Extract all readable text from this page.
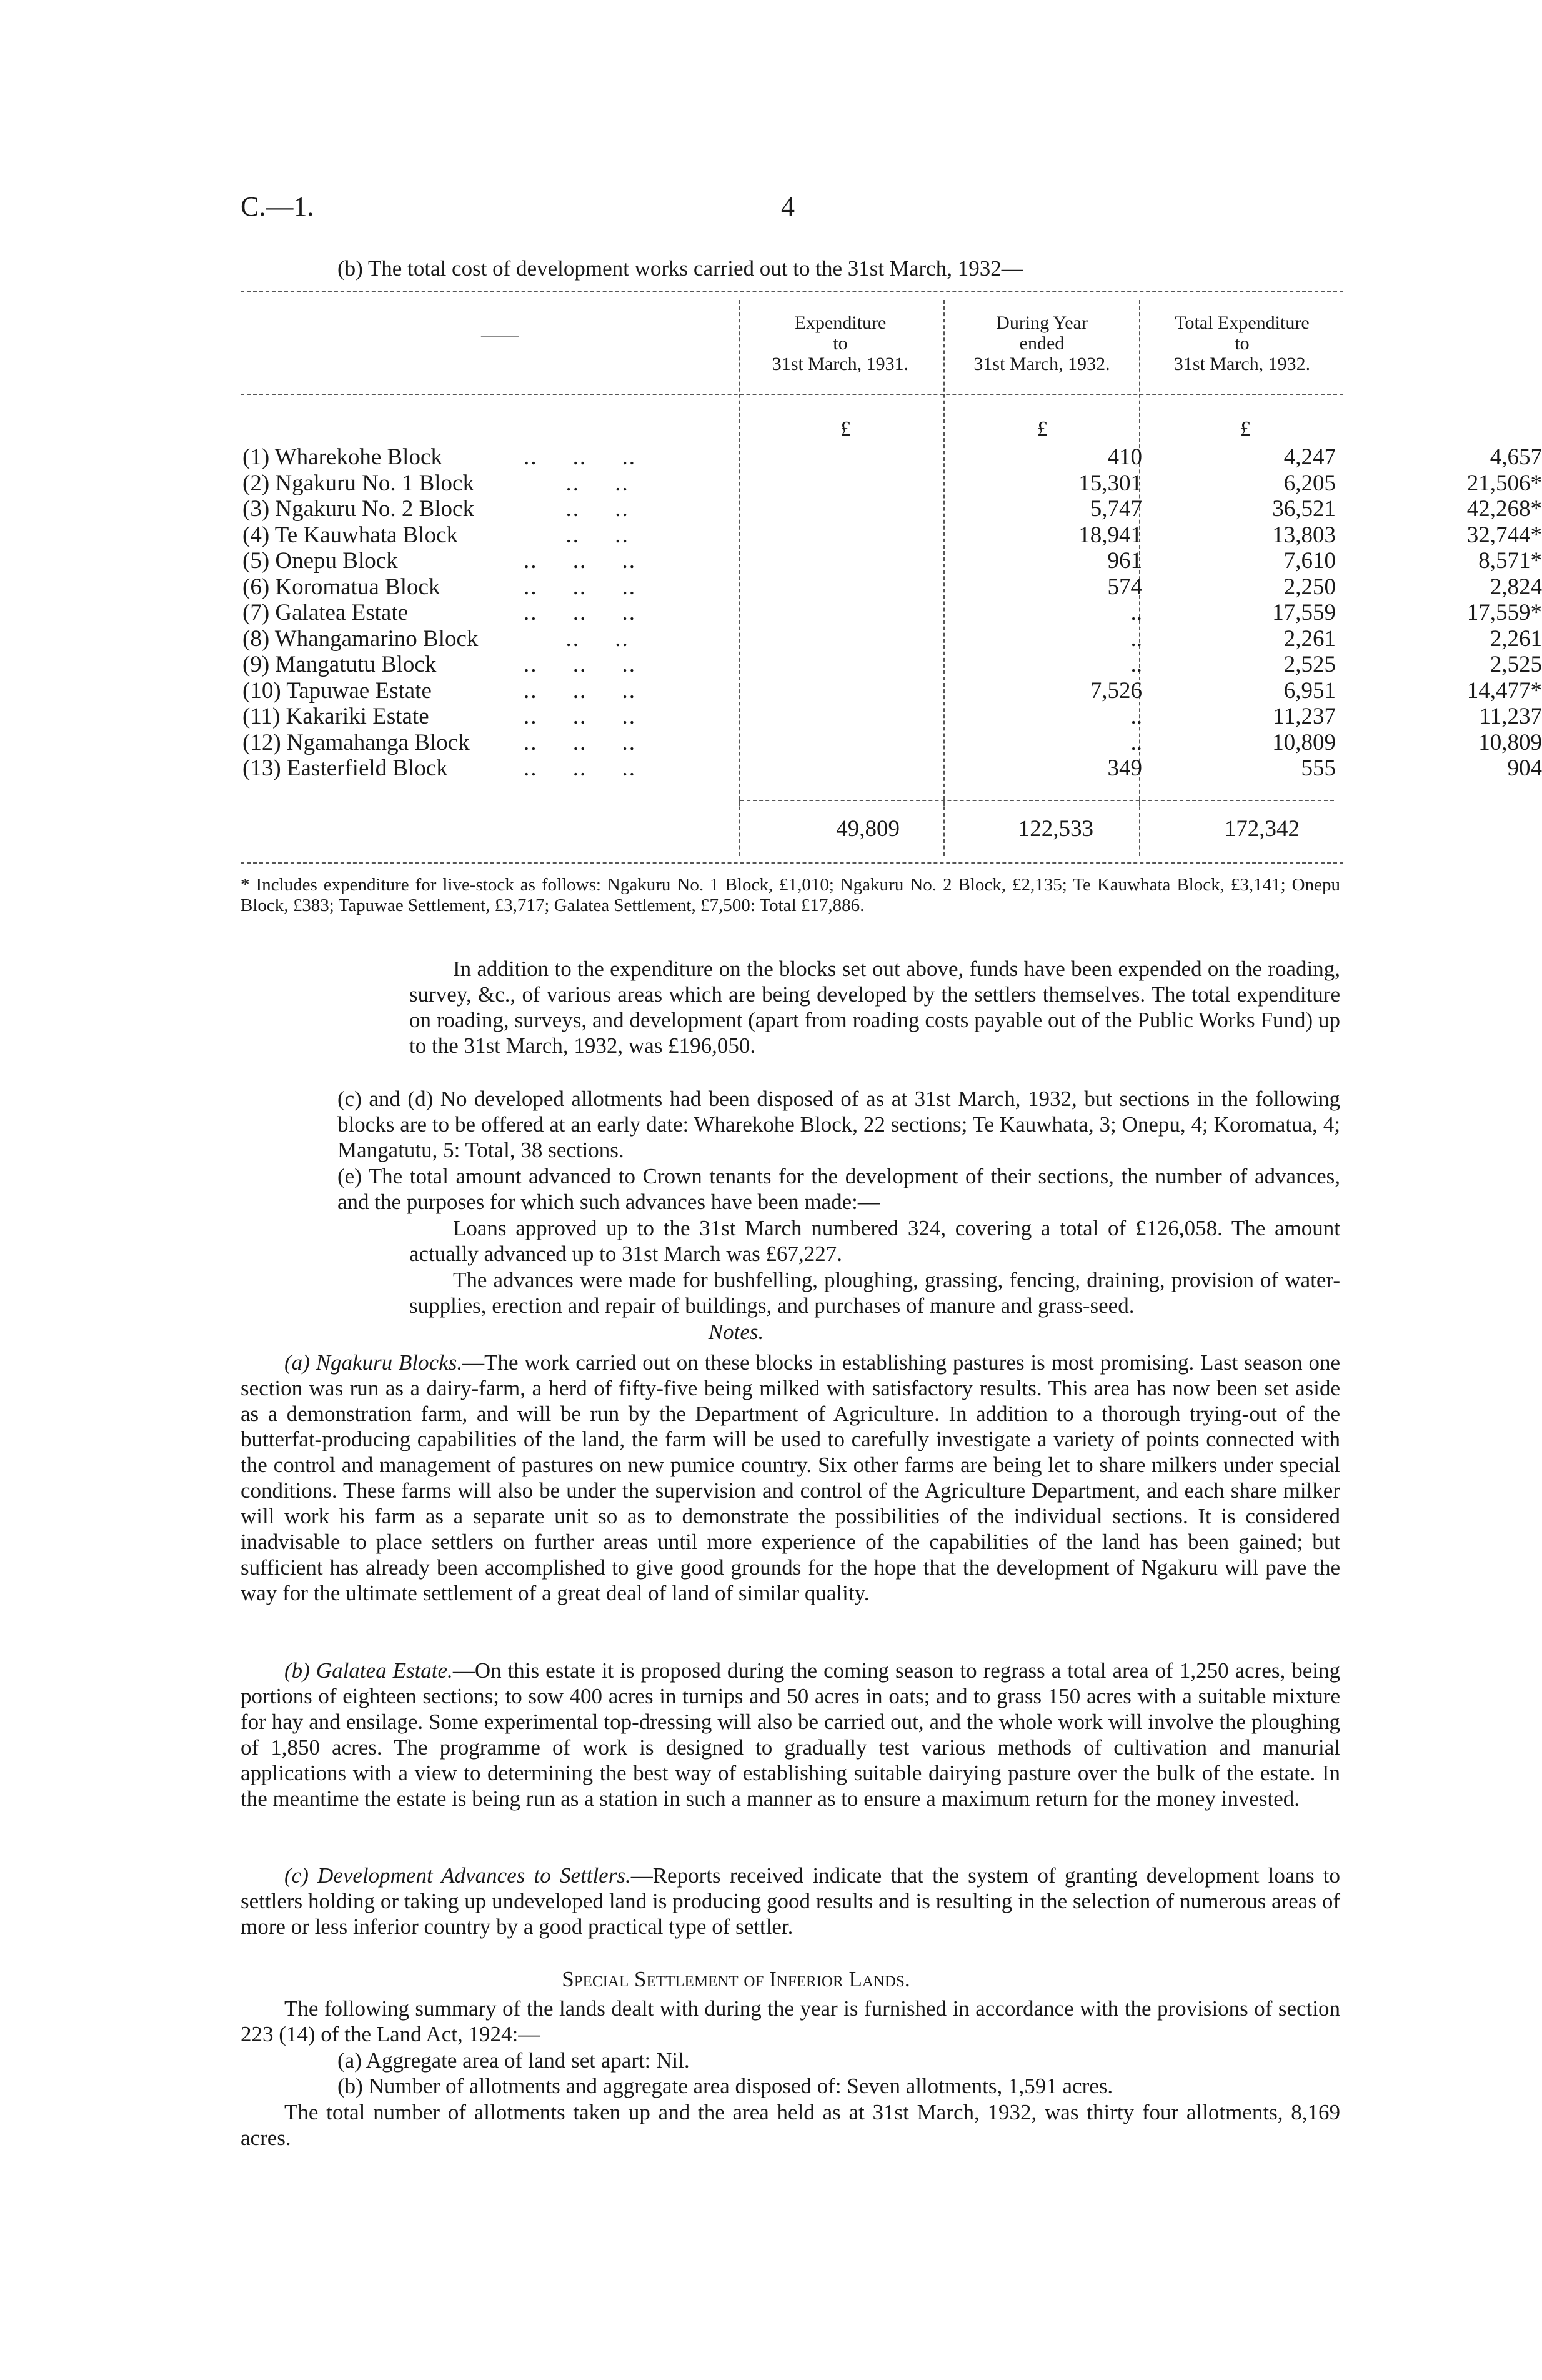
C.—1.	4
(b) The total cost of development works carried out to the 31st March, 1932—
——
Expenditure
to
31st March, 1931.
During Year
ended
31st March, 1932.
Total Expenditure
to
31st March, 1932.
£	£	£
(1) Wharekohe Block	..     ..     ..	410	4,247	4,657
(2) Ngakuru No. 1 Block ..     ..	15,301	6,205	21,506*
(3) Ngakuru No. 2 Block ..     ..	5,747	36,521	42,268*
(4) Te Kauwhata Block	..     ..	18,941	13,803	32,744*
(5) Onepu Block	..     ..     ..	961	7,610	8,571*
(6) Koromatua Block	..     ..     ..	574	2,250	2,824
(7) Galatea Estate	..     ..     ..	..	17,559	17,559*
(8) Whangamarino Block ..     ..	..	2,261	2,261
(9) Mangatutu Block	..     ..     ..	..	2,525	2,525
(10) Tapuwae Estate	..     ..     ..	7,526	6,951	14,477*
(11) Kakariki Estate	..     ..     ..	..	11,237	11,237
(12) Ngamahanga Block ..     ..     ..	..	10,809	10,809
(13) Easterfield Block	..     ..     ..	349	555	904
49,809	122,533	172,342
* Includes expenditure for live-stock as follows: Ngakuru No. 1 Block, £1,010; Ngakuru No. 2 Block, £2,135; Te Kauwhata Block, £3,141; Onepu Block, £383; Tapuwae Settlement, £3,717; Galatea Settlement, £7,500: Total £17,886.
In addition to the expenditure on the blocks set out above, funds have been expended on the roading, survey, &c., of various areas which are being developed by the settlers themselves. The total expenditure on roading, surveys, and development (apart from roading costs payable out of the Public Works Fund) up to the 31st March, 1932, was £196,050.
(c) and (d) No developed allotments had been disposed of as at 31st March, 1932, but sections in the following blocks are to be offered at an early date: Wharekohe Block, 22 sections; Te Kauwhata, 3; Onepu, 4; Koromatua, 4; Mangatutu, 5: Total, 38 sections.
(e) The total amount advanced to Crown tenants for the development of their sections, the number of advances, and the purposes for which such advances have been made:—
Loans approved up to the 31st March numbered 324, covering a total of £126,058. The amount actually advanced up to 31st March was £67,227.
The advances were made for bushfelling, ploughing, grassing, fencing, draining, provision of water-supplies, erection and repair of buildings, and purchases of manure and grass-seed.
Notes.
(a) Ngakuru Blocks.—The work carried out on these blocks in establishing pastures is most promising. Last season one section was run as a dairy-farm, a herd of fifty-five being milked with satisfactory results. This area has now been set aside as a demonstration farm, and will be run by the Department of Agriculture. In addition to a thorough trying-out of the butterfat-producing capabilities of the land, the farm will be used to carefully investigate a variety of points connected with the control and management of pastures on new pumice country. Six other farms are being let to share milkers under special conditions. These farms will also be under the supervision and control of the Agriculture Department, and each share milker will work his farm as a separate unit so as to demonstrate the possibilities of the individual sections. It is considered inadvisable to place settlers on further areas until more experience of the capabilities of the land has been gained; but sufficient has already been accomplished to give good grounds for the hope that the development of Ngakuru will pave the way for the ultimate settlement of a great deal of land of similar quality.
(b) Galatea Estate.—On this estate it is proposed during the coming season to regrass a total area of 1,250 acres, being portions of eighteen sections; to sow 400 acres in turnips and 50 acres in oats; and to grass 150 acres with a suitable mixture for hay and ensilage. Some experimental top-dressing will also be carried out, and the whole work will involve the ploughing of 1,850 acres. The programme of work is designed to gradually test various methods of cultivation and manurial applications with a view to determining the best way of establishing suitable dairying pasture over the bulk of the estate. In the meantime the estate is being run as a station in such a manner as to ensure a maximum return for the money invested.
(c) Development Advances to Settlers.—Reports received indicate that the system of granting development loans to settlers holding or taking up undeveloped land is producing good results and is resulting in the selection of numerous areas of more or less inferior country by a good practical type of settler.
Special Settlement of Inferior Lands.
The following summary of the lands dealt with during the year is furnished in accordance with the provisions of section 223 (14) of the Land Act, 1924:—
(a) Aggregate area of land set apart: Nil.
(b) Number of allotments and aggregate area disposed of: Seven allotments, 1,591 acres.
The total number of allotments taken up and the area held as at 31st March, 1932, was thirty four allotments, 8,169 acres.
